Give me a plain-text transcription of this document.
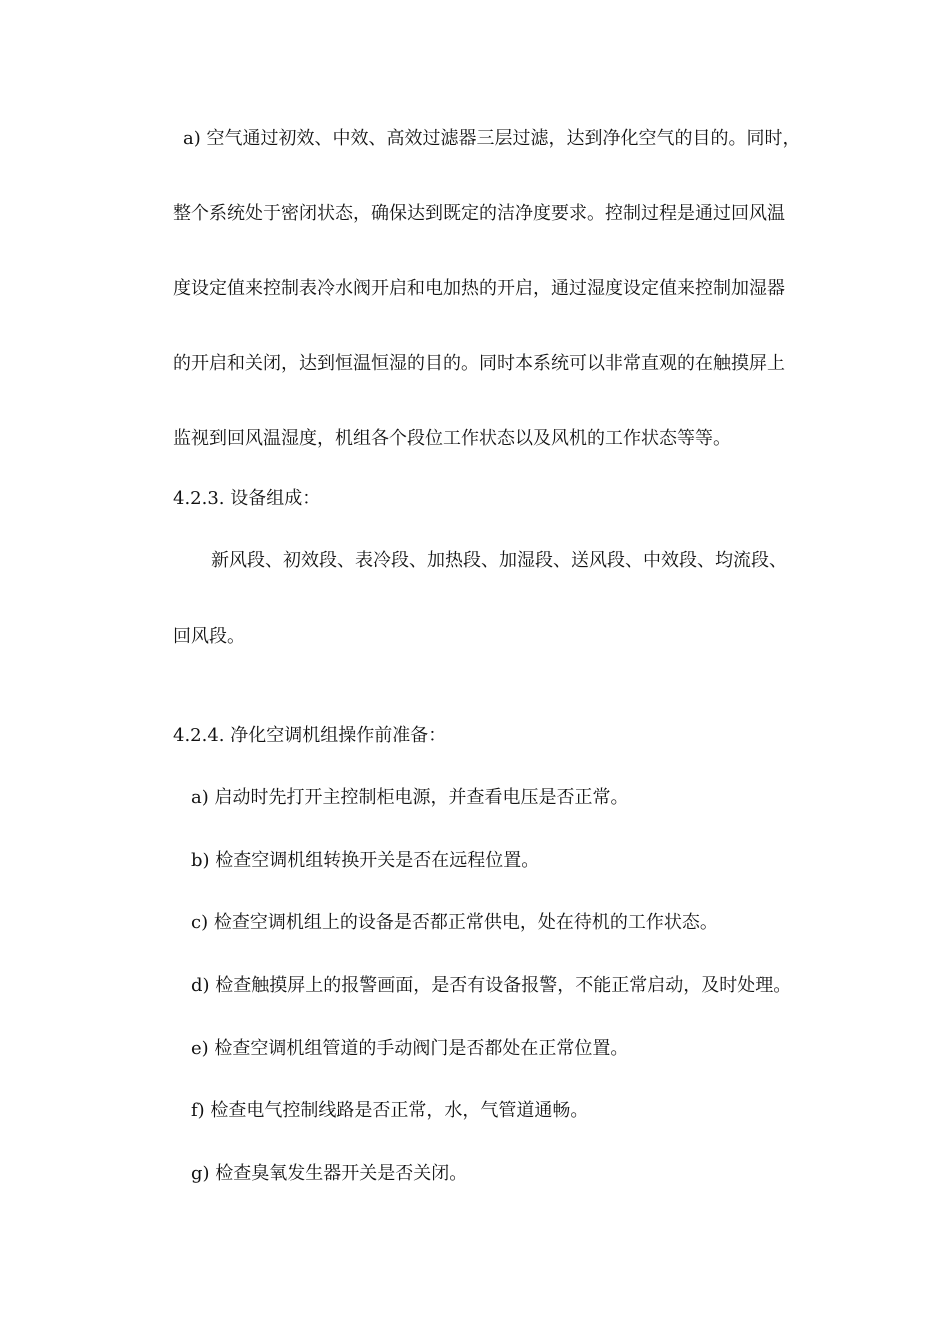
a) 空气通过初效、中效、高效过滤器三层过滤，达到净化空气的目的。同时，
整个系统处于密闭状态，确保达到既定的洁净度要求。控制过程是通过回风温
度设定值来控制表冷水阀开启和电加热的开启，通过湿度设定值来控制加湿器
的开启和关闭，达到恒温恒湿的目的。同时本系统可以非常直观的在触摸屏上
监视到回风温湿度，机组各个段位工作状态以及风机的工作状态等等。
4.2.3. 设备组成：
新风段、初效段、表冷段、加热段、加湿段、送风段、中效段、均流段、
回风段。
4.2.4. 净化空调机组操作前准备：
a) 启动时先打开主控制柜电源，并查看电压是否正常。
b) 检查空调机组转换开关是否在远程位置。
c) 检查空调机组上的设备是否都正常供电，处在待机的工作状态。
d) 检查触摸屏上的报警画面，是否有设备报警，不能正常启动，及时处理。
e) 检查空调机组管道的手动阀门是否都处在正常位置。
f) 检查电气控制线路是否正常，水，气管道通畅。
g) 检查臭氧发生器开关是否关闭。
